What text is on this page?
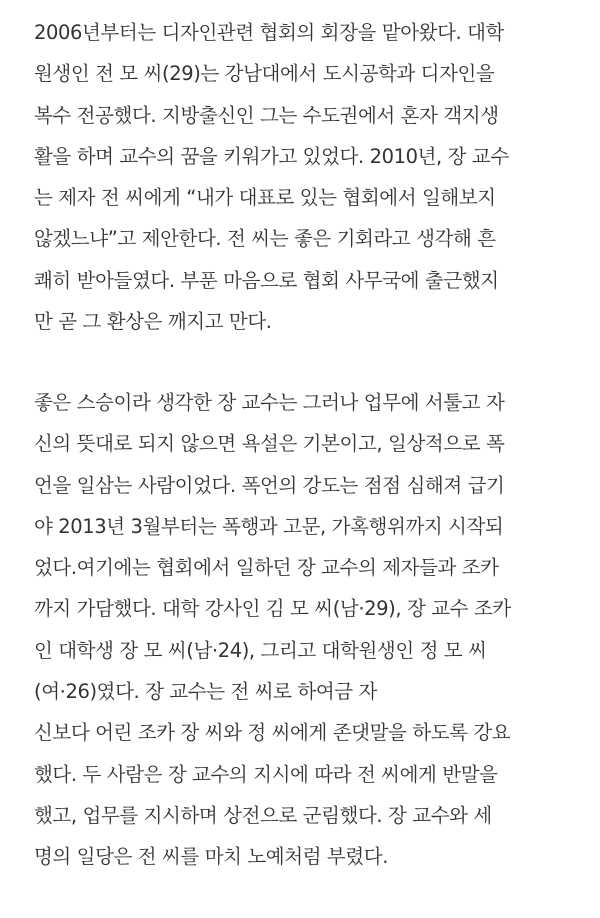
2006년부터는 디자인관련 협회의 회장을 맡아왔다. 대학
원생인 전 모 씨(29)는 강남대에서 도시공학과 디자인을
복수 전공했다. 지방출신인 그는 수도권에서 혼자 객지생
활을 하며 교수의 꿈을 키워가고 있었다. 2010년, 장 교수
는 제자 전 씨에게 “내가 대표로 있는 협회에서 일해보지
않겠느냐”고 제안한다. 전 씨는 좋은 기회라고 생각해 흔
쾌히 받아들였다. 부푼 마음으로 협회 사무국에 출근했지
만 곧 그 환상은 깨지고 만다.
좋은 스승이라 생각한 장 교수는 그러나 업무에 서툴고 자
신의 뜻대로 되지 않으면 욕설은 기본이고, 일상적으로 폭
언을 일삼는 사람이었다. 폭언의 강도는 점점 심해져 급기
야 2013년 3월부터는 폭행과 고문, 가혹행위까지 시작되
었다.여기에는 협회에서 일하던 장 교수의 제자들과 조카
까지 가담했다. 대학 강사인 김 모 씨(남·29), 장 교수 조카
인 대학생 장 모 씨(남·24), 그리고 대학원생인 정 모 씨
(여·26)였다. 장 교수는 전 씨로 하여금 자
신보다 어린 조카 장 씨와 정 씨에게 존댓말을 하도록 강요
했다. 두 사람은 장 교수의 지시에 따라 전 씨에게 반말을
했고, 업무를 지시하며 상전으로 군림했다. 장 교수와 세
명의 일당은 전 씨를 마치 노예처럼 부렸다.
